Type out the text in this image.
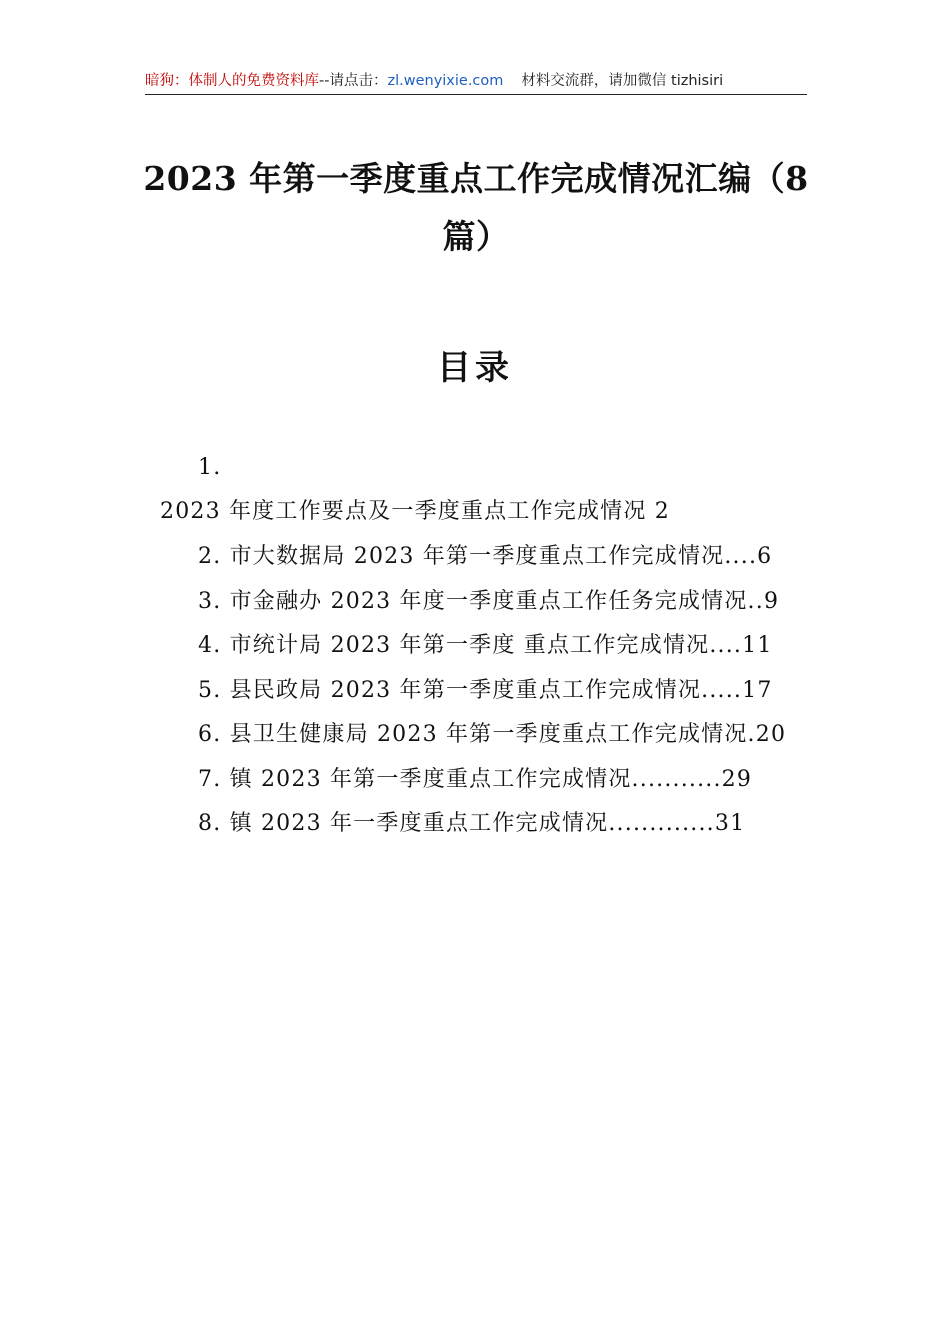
暗狗：体制人的免费资料库--请点击：zl.wenyixie.com 材料交流群，请加微信 tizhisiri
2023 年第一季度重点工作完成情况汇编（8
篇）
目录
1.
2023 年度工作要点及一季度重点工作完成情况 2
2. 市大数据局 2023 年第一季度重点工作完成情况....6
3. 市金融办 2023 年度一季度重点工作任务完成情况..9
4. 市统计局 2023 年第一季度 重点工作完成情况....11
5. 县民政局 2023 年第一季度重点工作完成情况.....17
6. 县卫生健康局 2023 年第一季度重点工作完成情况.20
7. 镇 2023 年第一季度重点工作完成情况...........29
8. 镇 2023 年一季度重点工作完成情况.............31
